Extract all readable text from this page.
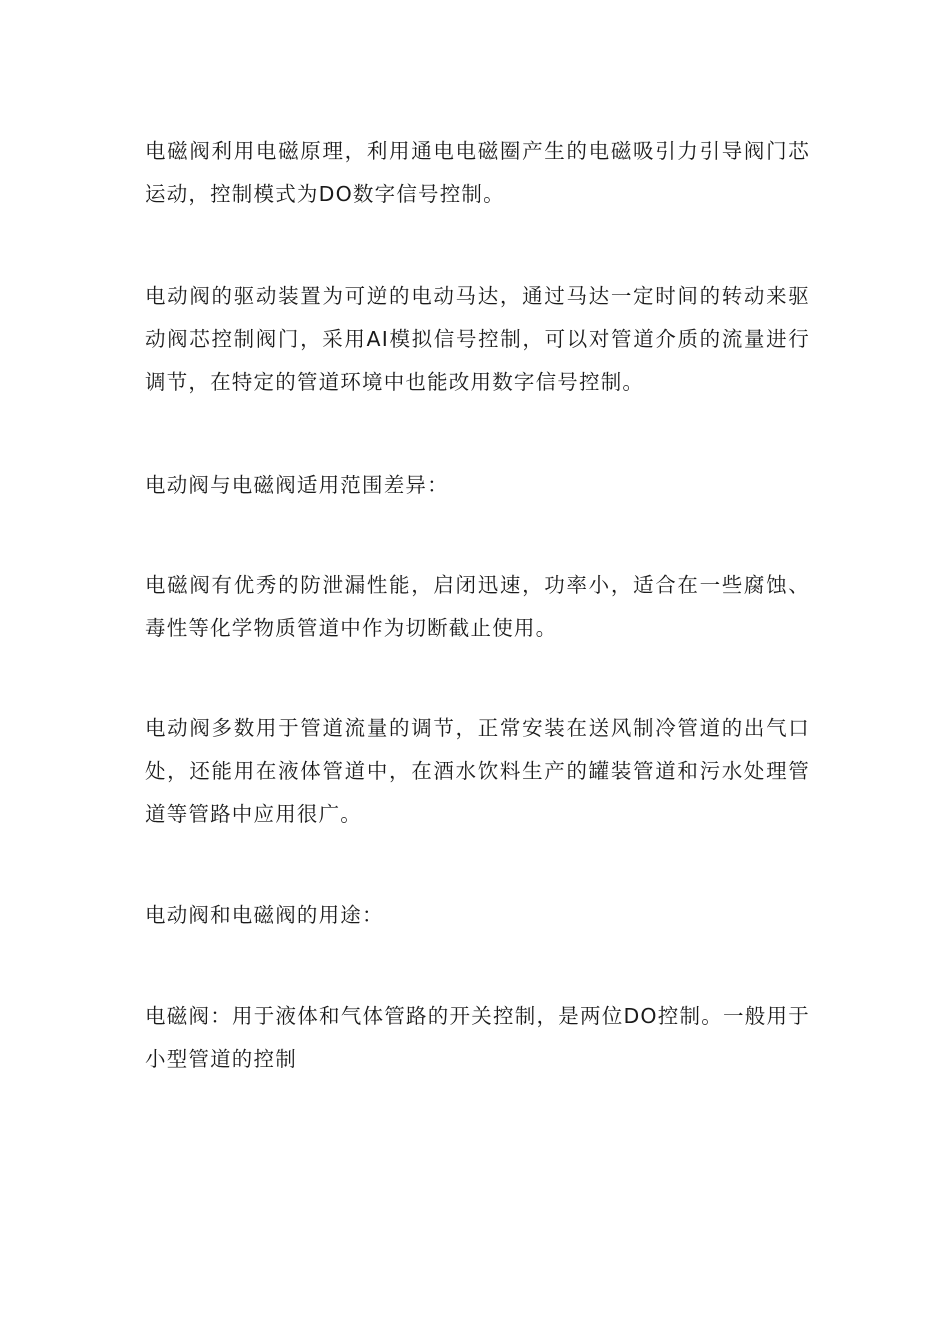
电磁阀利用电磁原理，利用通电电磁圈产生的电磁吸引力引导阀门芯运动，控制模式为DO数字信号控制。

电动阀的驱动装置为可逆的电动马达，通过马达一定时间的转动来驱动阀芯控制阀门，采用AI模拟信号控制，可以对管道介质的流量进行调节，在特定的管道环境中也能改用数字信号控制。

电动阀与电磁阀适用范围差异：

电磁阀有优秀的防泄漏性能，启闭迅速，功率小，适合在一些腐蚀、毒性等化学物质管道中作为切断截止使用。

电动阀多数用于管道流量的调节，正常安装在送风制冷管道的出气口处，还能用在液体管道中，在酒水饮料生产的罐装管道和污水处理管道等管路中应用很广。

电动阀和电磁阀的用途：

电磁阀：用于液体和气体管路的开关控制，是两位DO控制。一般用于小型管道的控制
